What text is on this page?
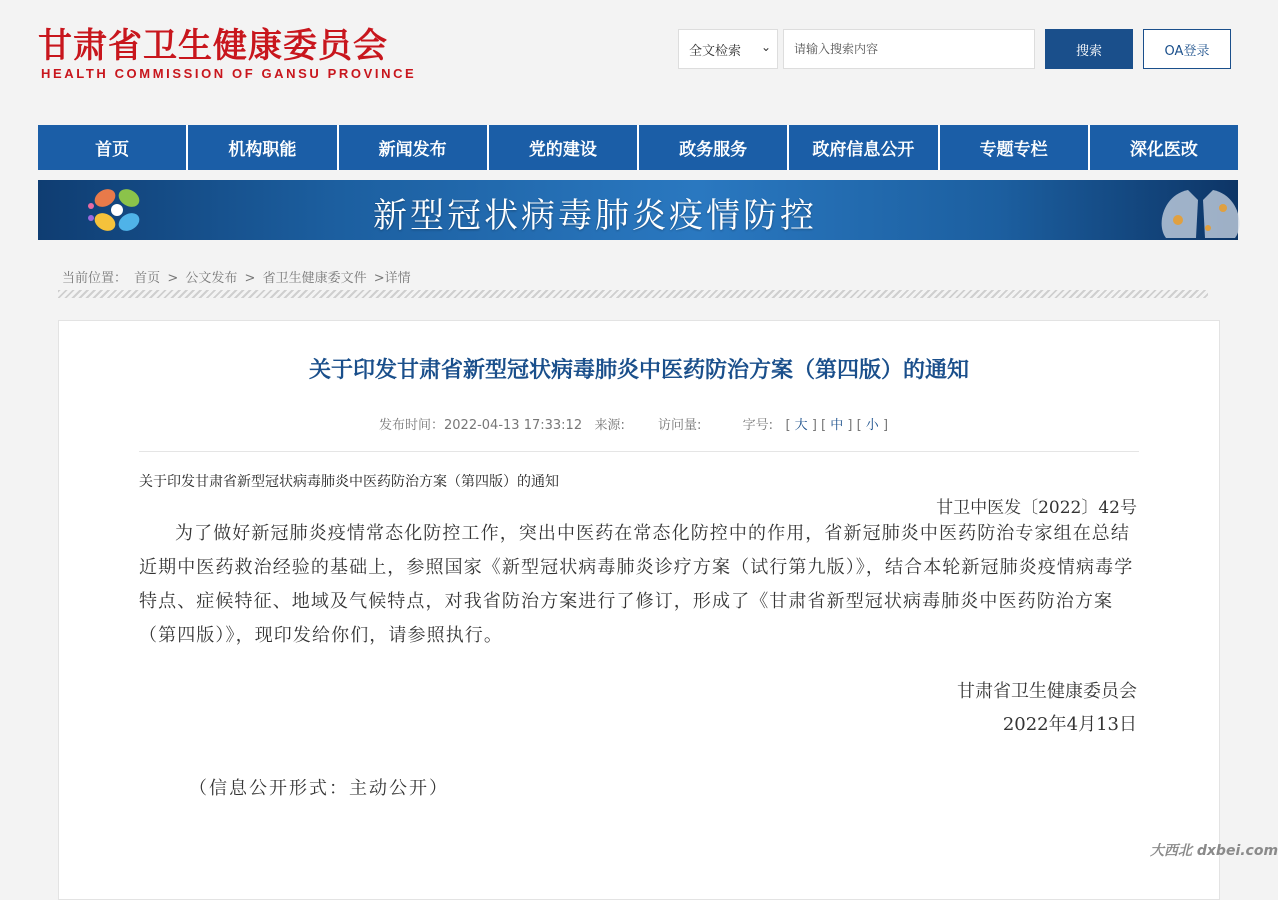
甘肃省卫生健康委员会
HEALTH COMMISSION OF GANSU PROVINCE
全文检索 ⌄
请输入搜索内容	搜索	OA登录
首页	机构职能	新闻发布	党的建设	政务服务	政府信息公开	专题专栏	深化医改
新型冠状病毒肺炎疫情防控
当前位置： 首页 > 公文发布 > 省卫生健康委文件 >详情
关于印发甘肃省新型冠状病毒肺炎中医药防治方案（第四版）的通知
发布时间：2022-04-13 17:33:12 来源:	访问量:	字号:   [ 大 ] [ 中 ] [ 小 ]
关于印发甘肃省新型冠状病毒肺炎中医药防治方案（第四版）的通知
甘卫中医发〔2022〕42号
为了做好新冠肺炎疫情常态化防控工作，突出中医药在常态化防控中的作用，省新冠肺炎中医药防治专家组在总结近期中医药救治经验的基础上，参照国家《新型冠状病毒肺炎诊疗方案（试行第九版）》，结合本轮新冠肺炎疫情病毒学特点、症候特征、地域及气候特点，对我省防治方案进行了修订，形成了《甘肃省新型冠状病毒肺炎中医药防治方案（第四版）》，现印发给你们，请参照执行。
甘肃省卫生健康委员会
2022年4月13日
（信息公开形式：主动公开）
大西北 dxbei.com
